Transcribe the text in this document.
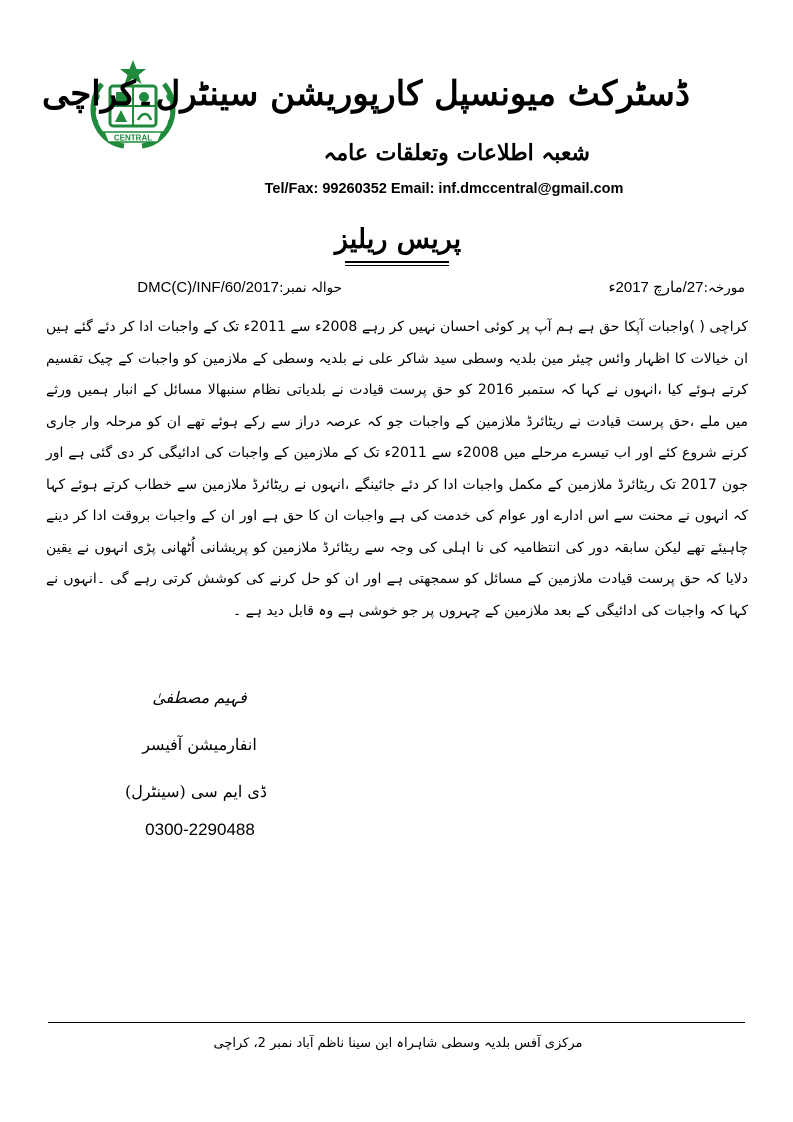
CENTRAL
ڈسٹرکٹ میونسپل کارپوریشن سینٹرل۔کراچی
شعبہ اطلاعات وتعلقات عامہ
Tel/Fax: 99260352 Email: inf.dmccentral@gmail.com
پریس ریلیز
حوالہ نمبر:DMC(C)/INF/60/2017	مورخہ:27/مارچ 2017ء

کراچی ( )واجبات آپکا حق ہے ہم آپ پر کوئی احسان نہیں کر رہے 2008ء سے 2011ء تک کے واجبات ادا کر دئے گئے ہیں ان خیالات کا اظہار وائس چیئر مین بلدیہ وسطی سید شاکر علی نے بلدیہ وسطی کے ملازمین کو واجبات کے چیک تقسیم کرتے ہوئے کیا ،انہوں نے کہا کہ ستمبر 2016 کو حق پرست قیادت نے بلدیاتی نظام سنبھالا مسائل کے انبار ہمیں ورثے میں ملے ،حق پرست قیادت نے ریٹائرڈ ملازمین کے واجبات جو کہ عرصہ دراز سے رکے ہوئے تھے ان کو مرحلہ وار جاری کرنے شروع کئے اور اب تیسرے مرحلے میں 2008ء سے 2011ء تک کے ملازمین کے واجبات کی ادائیگی کر دی گئی ہے اور جون 2017 تک ریٹائرڈ ملازمین کے مکمل واجبات ادا کر دئے جائینگے ،انہوں نے ریٹائرڈ ملازمین سے خطاب کرتے ہوئے کہا کہ انہوں نے محنت سے اس ادارے اور عوام کی خدمت کی ہے واجبات ان کا حق ہے اور ان کے واجبات بروقت ادا کر دینے چاہیئے تھے لیکن سابقہ دور کی انتظامیہ کی نا اہلی کی وجہ سے ریٹائرڈ ملازمین کو پریشانی اُٹھانی پڑی انہوں نے یقین دلایا کہ حق پرست قیادت ملازمین کے مسائل کو سمجھتی ہے اور ان کو حل کرنے کی کوشش کرتی رہے گی ۔انہوں نے کہا کہ واجبات کی ادائیگی کے بعد ملازمین کے چہروں پر جو خوشی ہے وہ قابل دید ہے ۔

فہیم مصطفیٰ
انفارمیشن آفیسر
ڈی ایم سی (سینٹرل)
0300-2290488
مرکزی آفس بلدیہ وسطی شاہراہ ابن سینا ناظم آباد نمبر 2، کراچی
